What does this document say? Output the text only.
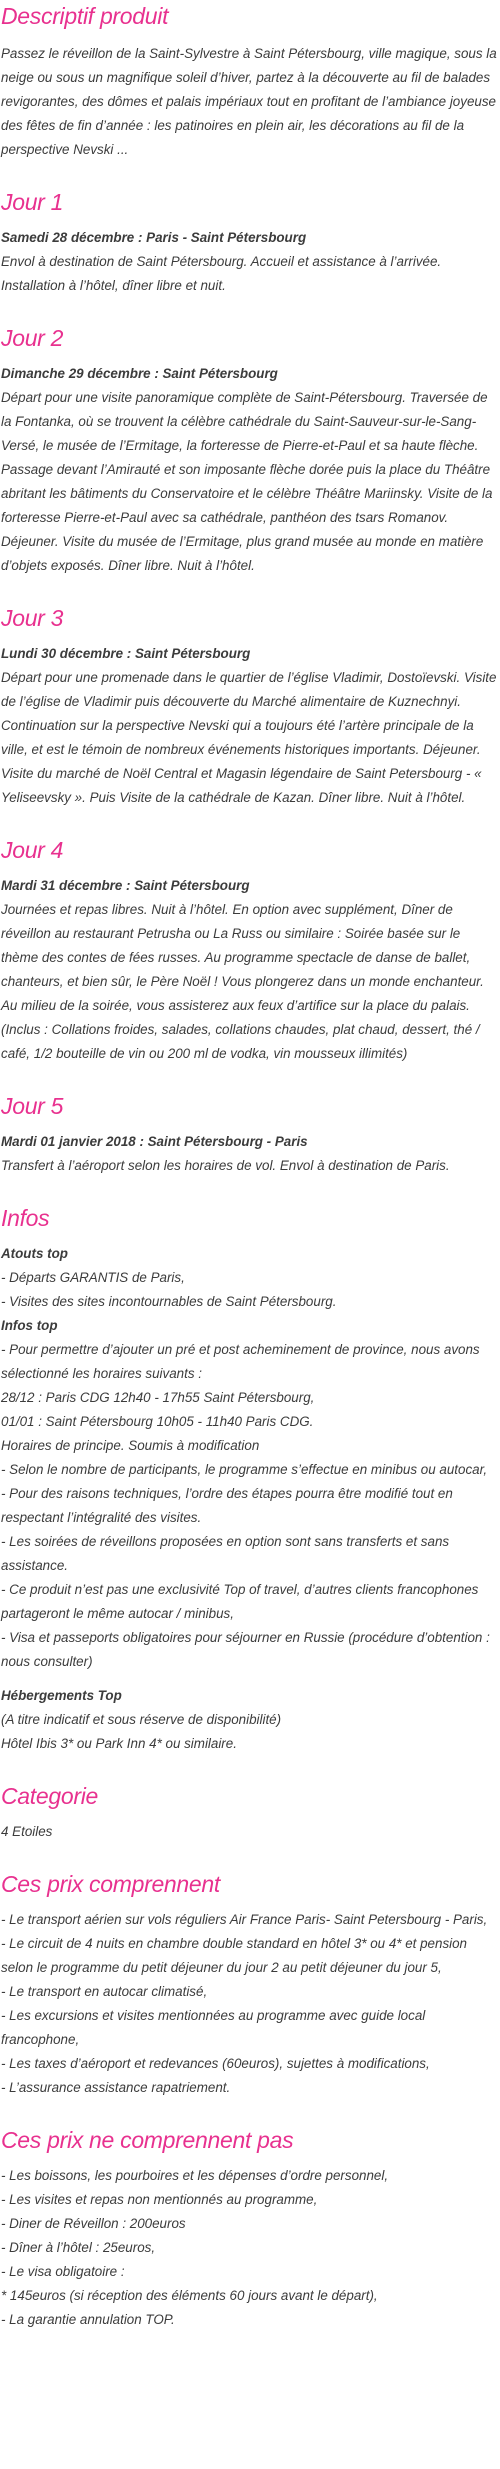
Descriptif produit

Passez le réveillon de la Saint-Sylvestre à Saint Pétersbourg, ville magique, sous la neige ou sous un magnifique soleil d’hiver, partez à la découverte au fil de balades revigorantes, des dômes et palais impériaux tout en profitant de l’ambiance joyeuse des fêtes de fin d’année : les patinoires en plein air, les décorations au fil de la perspective Nevski ...

Jour 1

Samedi 28 décembre : Paris - Saint Pétersbourg

Envol à destination de Saint Pétersbourg. Accueil et assistance à l’arrivée. Installation à l’hôtel, dîner libre et nuit.

Jour 2

Dimanche 29 décembre : Saint Pétersbourg

Départ pour une visite panoramique complète de Saint-Pétersbourg. Traversée de la Fontanka, où se trouvent la célèbre cathédrale du Saint-Sauveur-sur-le-Sang-Versé, le musée de l’Ermitage, la forteresse de Pierre-et-Paul et sa haute flèche. Passage devant l’Amirauté et son imposante flèche dorée puis la place du Théâtre abritant les bâtiments du Conservatoire et le célèbre Théâtre Mariinsky. Visite de la forteresse Pierre-et-Paul avec sa cathédrale, panthéon des tsars Romanov. Déjeuner. Visite du musée de l’Ermitage, plus grand musée au monde en matière d’objets exposés. Dîner libre. Nuit à l’hôtel.

Jour 3

Lundi 30 décembre : Saint Pétersbourg

Départ pour une promenade dans le quartier de l’église Vladimir, Dostoïevski. Visite de l’église de Vladimir puis découverte du Marché alimentaire de Kuznechnyi. Continuation sur la perspective Nevski qui a toujours été l’artère principale de la ville, et est le témoin de nombreux événements historiques importants. Déjeuner. Visite du marché de Noël Central et Magasin légendaire de Saint Petersbourg - « Yeliseevsky ». Puis Visite de la cathédrale de Kazan. Dîner libre. Nuit à l’hôtel.

Jour 4

Mardi 31 décembre : Saint Pétersbourg

Journées et repas libres. Nuit à l’hôtel. En option avec supplément, Dîner de réveillon au restaurant Petrusha ou La Russ ou similaire : Soirée basée sur le thème des contes de fées russes. Au programme spectacle de danse de ballet, chanteurs, et bien sûr, le Père Noël ! Vous plongerez dans un monde enchanteur. Au milieu de la soirée, vous assisterez aux feux d’artifice sur la place du palais. (Inclus : Collations froides, salades, collations chaudes, plat chaud, dessert, thé / café, 1/2 bouteille de vin ou 200 ml de vodka, vin mousseux illimités)

Jour 5

Mardi 01 janvier 2018 : Saint Pétersbourg - Paris

Transfert à l’aéroport selon les horaires de vol. Envol à destination de Paris.

Infos

Atouts top

- Départs GARANTIS de Paris,

- Visites des sites incontournables de Saint Pétersbourg.

Infos top

- Pour permettre d’ajouter un pré et post acheminement de province, nous avons sélectionné les horaires suivants :

28/12 : Paris CDG 12h40 - 17h55 Saint Pétersbourg,

01/01 : Saint Pétersbourg 10h05 - 11h40 Paris CDG.

Horaires de principe. Soumis à modification

- Selon le nombre de participants, le programme s’effectue en minibus ou autocar,

- Pour des raisons techniques, l’ordre des étapes pourra être modifié tout en respectant l’intégralité des visites.

- Les soirées de réveillons proposées en option sont sans transferts et sans assistance.

- Ce produit n’est pas une exclusivité Top of travel, d’autres clients francophones partageront le même autocar / minibus,

- Visa et passeports obligatoires pour séjourner en Russie (procédure d’obtention : nous consulter)

Hébergements Top

(A titre indicatif et sous réserve de disponibilité)

Hôtel Ibis 3* ou Park Inn 4* ou similaire.

Categorie

4 Etoiles

Ces prix comprennent

- Le transport aérien sur vols réguliers Air France Paris- Saint Petersbourg - Paris,

- Le circuit de 4 nuits en chambre double standard en hôtel 3* ou 4* et pension selon le programme du petit déjeuner du jour 2 au petit déjeuner du jour 5,

- Le transport en autocar climatisé,

- Les excursions et visites mentionnées au programme avec guide local francophone,

- Les taxes d’aéroport et redevances (60euros), sujettes à modifications,

- L’assurance assistance rapatriement.

Ces prix ne comprennent pas

- Les boissons, les pourboires et les dépenses d’ordre personnel,

- Les visites et repas non mentionnés au programme,

- Diner de Réveillon : 200euros

- Dîner à l’hôtel : 25euros,

- Le visa obligatoire :

* 145euros (si réception des éléments 60 jours avant le départ),

- La garantie annulation TOP.
